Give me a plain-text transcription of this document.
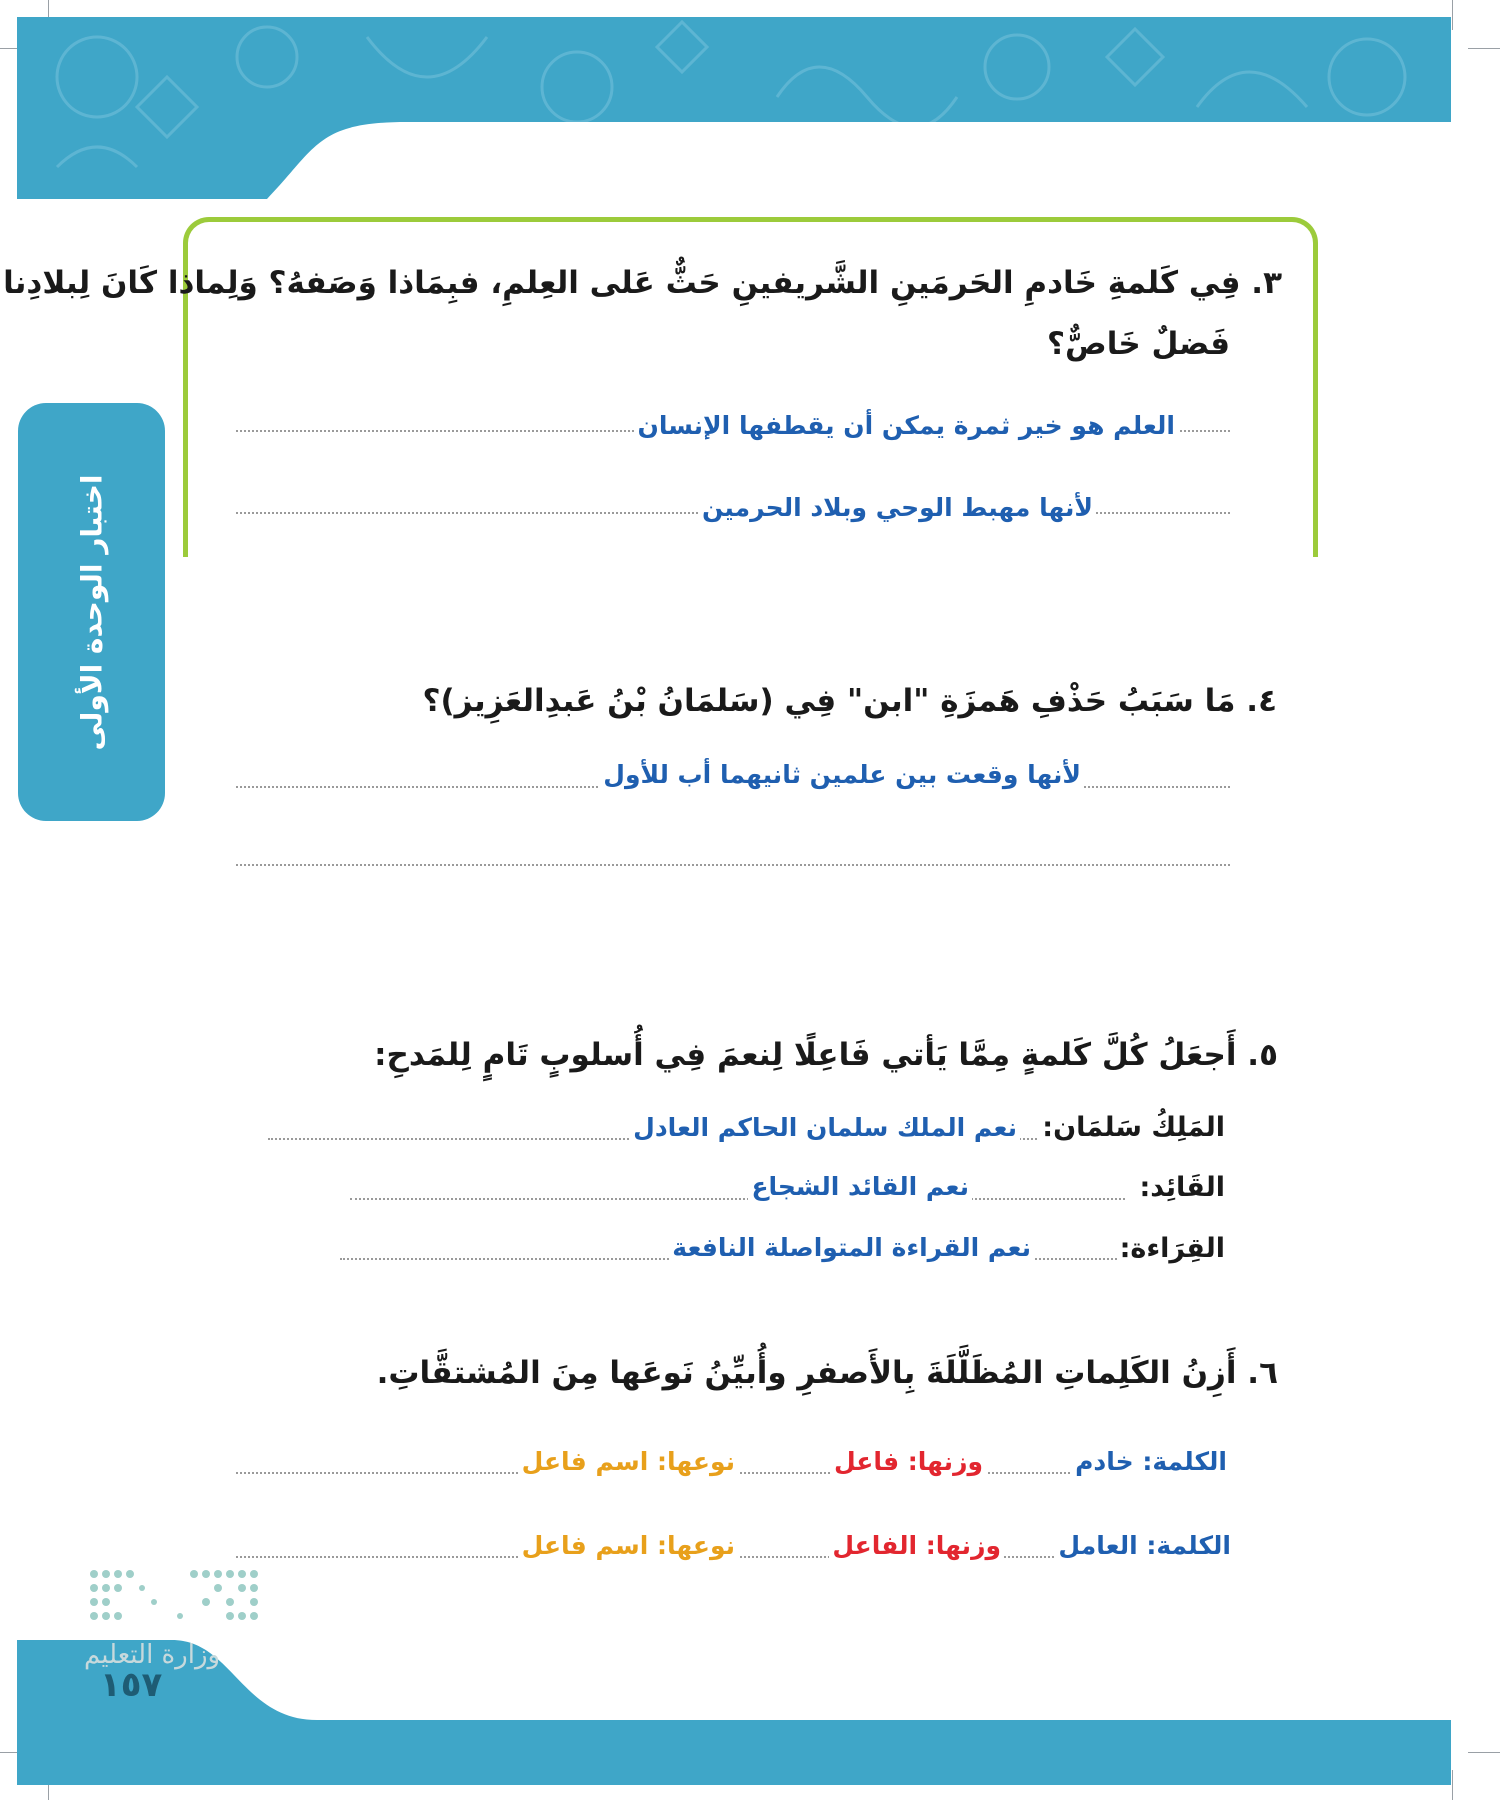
اختبار الوحدة الأولى
٣. فِي كَلمةِ خَادمِ الحَرمَينِ الشَّريفينِ حَثٌّ عَلى العِلمِ، فبِمَاذا وَصَفهُ؟ وَلِماذا كَانَ لِبلادِنا
فَضلٌ خَاصٌّ؟
العلم هو خير ثمرة يمكن أن يقطفها الإنسان
لأنها مهبط الوحي وبلاد الحرمين
٤. مَا سَبَبُ حَذْفِ هَمزَةِ "ابن" فِي (سَلمَانُ بْنُ عَبدِالعَزِيز)؟
لأنها وقعت بين علمين ثانيهما أب للأول
٥. أَجعَلُ كُلَّ كَلمةٍ مِمَّا يَأتي فَاعِلًا لِنعمَ فِي أُسلوبٍ تَامٍ لِلمَدحِ:
المَلِكُ سَلمَان:
نعم الملك سلمان الحاكم العادل
القَائِد:
نعم القائد الشجاع
القِرَاءة:
نعم القراءة المتواصلة النافعة
٦. أَزِنُ الكَلِماتِ المُظَلَّلَةَ بِالأَصفرِ وأُبيِّنُ نَوعَها مِنَ المُشتقَّاتِ.
الكلمة: خادم
وزنها: فاعل
نوعها: اسم فاعل
الكلمة: العامل
وزنها: الفاعل
نوعها: اسم فاعل
وزارة التعليم
١٥٧
